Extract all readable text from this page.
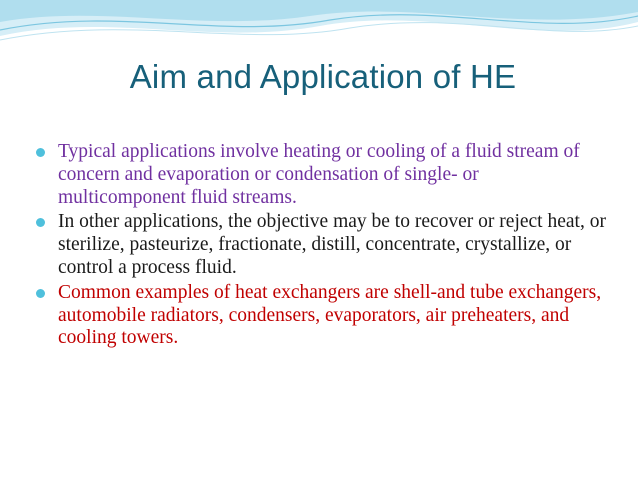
Aim and Application of HE
Typical applications involve heating or cooling of a fluid stream of concern and evaporation or condensation of single- or multicomponent fluid streams.
In other applications, the objective may be to recover or reject heat, or sterilize, pasteurize, fractionate, distill, concentrate, crystallize, or control a process fluid.
Common examples of heat exchangers are shell-and tube exchangers, automobile radiators, condensers, evaporators, air preheaters, and cooling towers.
